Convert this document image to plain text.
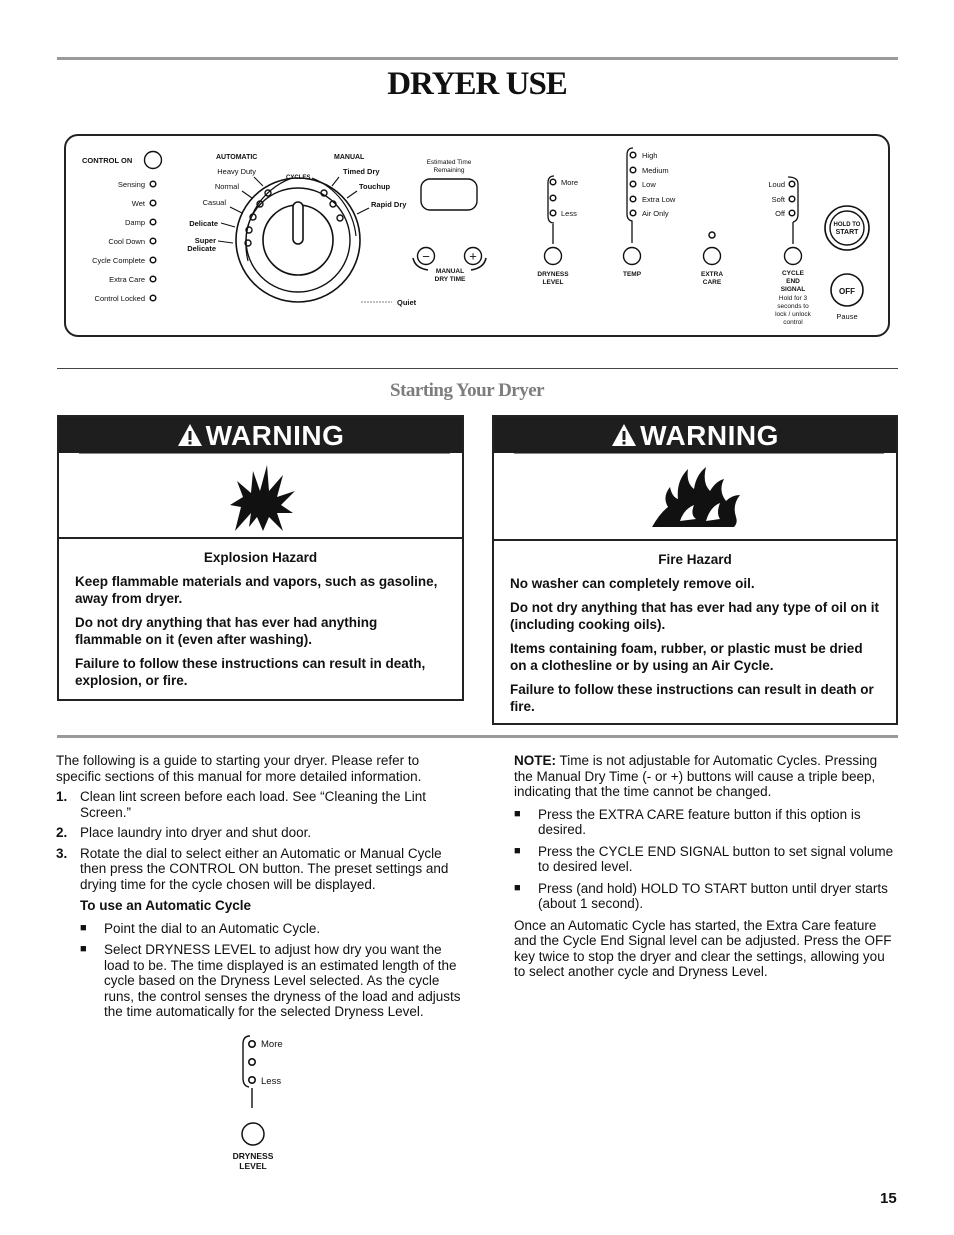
DRYER USE
CONTROL ON
Sensing
Wet
Damp
Cool Down
Cycle Complete
Extra Care
Control Locked
AUTOMATIC	MANUAL
CYCLES
Heavy Duty
Normal
Casual
Delicate
Super
Delicate
Timed Dry
Touchup
Rapid Dry
Quiet
Estimated Time
Remaining
−	+
MANUAL
DRY TIME
More
Less
DRYNESS
LEVEL
High
Medium
Low
Extra Low
Air Only
TEMP	EXTRA
CARE
Loud
Soft
Off
CYCLE
END
SIGNAL
Hold for 3
seconds to
lock / unlock
control
HOLD TO
START
OFF
Pause
Starting Your Dryer
WARNING

Explosion Hazard

Keep flammable materials and vapors, such as gasoline, away from dryer.

Do not dry anything that has ever had anything flammable on it (even after washing).

Failure to follow these instructions can result in death, explosion, or fire.

WARNING

Fire Hazard

No washer can completely remove oil.

Do not dry anything that has ever had any type of oil on it (including cooking oils).

Items containing foam, rubber, or plastic must be dried on a clothesline or by using an Air Cycle.

Failure to follow these instructions can result in death or fire.

The following is a guide to starting your dryer. Please refer to specific sections of this manual for more detailed information.

1. Clean lint screen before each load. See “Cleaning the Lint Screen.”
2. Place laundry into dryer and shut door.
3. Rotate the dial to select either an Automatic or Manual Cycle then press the CONTROL ON button. The preset settings and drying time for the cycle chosen will be displayed.

To use an Automatic Cycle

■ Point the dial to an Automatic Cycle.
■ Select DRYNESS LEVEL to adjust how dry you want the load to be. The time displayed is an estimated length of the cycle based on the Dryness Level selected. As the cycle runs, the control senses the dryness of the load and adjusts the time automatically for the selected Dryness Level.
More
Less
DRYNESS
LEVEL

NOTE: Time is not adjustable for Automatic Cycles. Pressing the Manual Dry Time (- or +) buttons will cause a triple beep, indicating that the time cannot be changed.

■ Press the EXTRA CARE feature button if this option is desired.
■ Press the CYCLE END SIGNAL button to set signal volume to desired level.
■ Press (and hold) HOLD TO START button until dryer starts (about 1 second).

Once an Automatic Cycle has started, the Extra Care feature and the Cycle End Signal level can be adjusted. Press the OFF key twice to stop the dryer and clear the settings, allowing you to select another cycle and Dryness Level.

15
